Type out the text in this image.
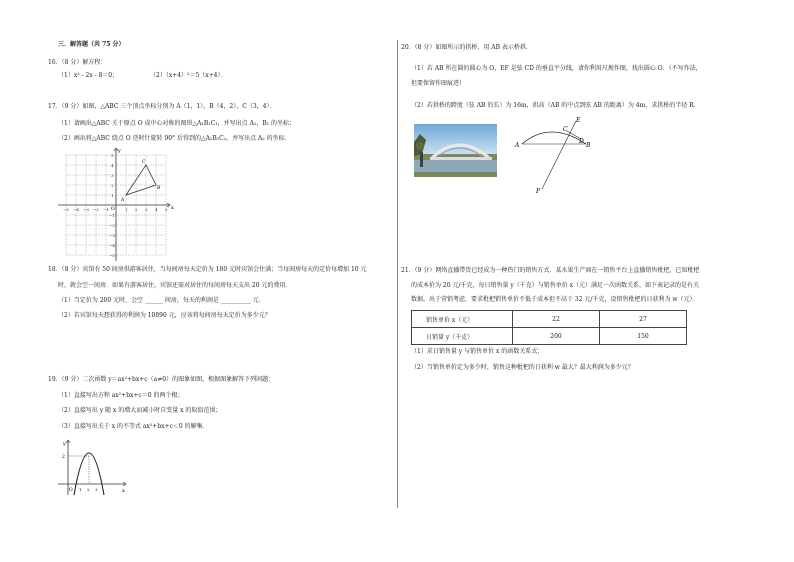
三．解答题（共 75 分）
16．（8 分）解方程：
（1）x² - 2x - 8＝0；	（2）（x+4）²＝5（x+4）．
17．（9 分）如图，△ABC 三个顶点坐标分别为 A（1，1），B（4，2），C（3，4）．
（1）请画出△ABC 关于原点 O 成中心对称的图形△A₁B₁C₁，并写出点 A₁，B₁ 的坐标；
（2）画出将△ABC 绕点 O 逆时针旋转 90° 后得到的△A₂B₂C₂，并写出点 A₂ 的坐标．
x
y
O
A
B
C
−5 −4 −3 −2 −1	1 2 3 4 5
5
4
3
2
1
−1
−2
−3
−4
−5
18．（8 分）宾馆有 50 间房供游客居住，当每间房每天定价为 180 元时宾馆会住满；当每间房每天的定价每增加 10 元
时，就会空一间房．如果有游客居住，宾馆还需对居住的每间房每天支出 20 元的费用．
（1）当定价为 200 元时，会空 ______ 间房，每天的利润是 __________ 元．
（2）若宾馆每天想获得的利润为 10890 元，应该将每间房每天定价为多少元？
19．（9 分）二次函数 y＝ax²+bx+c（a≠0）的图象如图，根据图象解答下列问题：
（1）直接写出方程 ax²+bx+c＝0 的两个根；
（2）直接写出 y 随 x 的增大而减小时自变量 x 的取值范围；
（3）直接写出关于 x 的不等式 ax²+bx+c＜0 的解集．
y
x
2
O 1 2 3
20．（8 分）如图所示的拱桥，用 AB 表示桥拱．
（1）若 AB 所在圆的圆心为 O，EF 是弦 CD 的垂直平分线，请你利用尺规作图，找出圆心 O．（不写作法，
但要保留作图痕迹）
（2）若拱桥的跨度（弦 AB 的长）为 16m，拱高（AB 的中点到弦 AB 的距离）为 4m，求拱桥的半径 R．
A	B
C
D
E
F
21．（9 分）网络直播带货已经成为一种热门的销售方式．某水果生产商在一销售平台上直播销售枇杷，已知枇杷
的成本价为 20 元/千克，每日销售量 y（千克）与销售单价 x（元）满足一次函数关系，如下表记录的是有关
数据，出于营销考虑，要求枇杷销售单价不低于成本但不高于 32 元/千克，设销售枇杷的日获利为 w（元）．
销售单价 x（元）	22	27
日销量 y（千克）	200	150
（1）求日销售量 y 与销售单价 x 的函数关系式；
（2）当销售单价定为多少时，销售这种枇杷的日获利 w 最大？最大利润为多少元？
